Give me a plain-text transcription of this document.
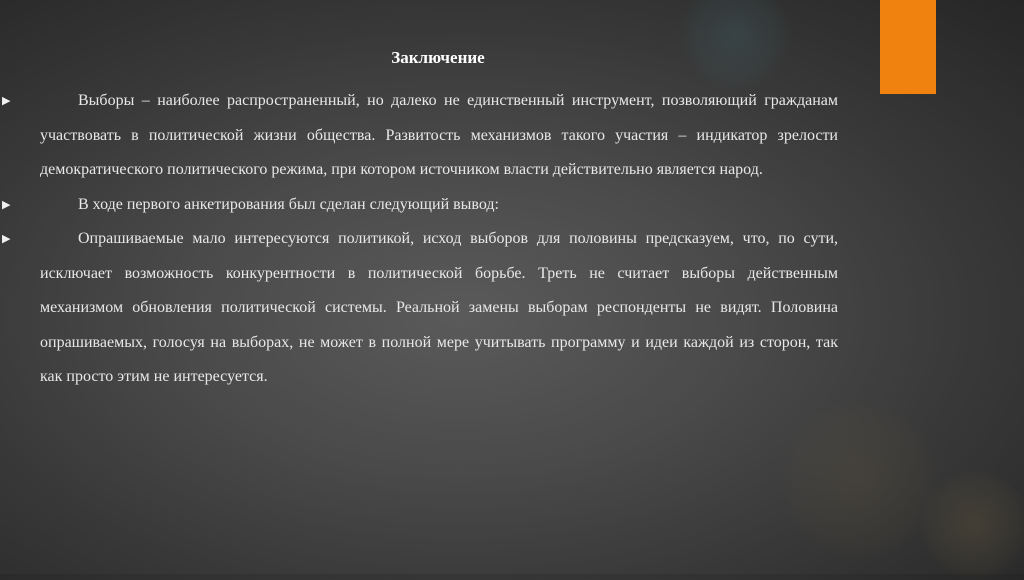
Заключение

▶	Выборы – наиболее распространенный, но далеко не единственный инструмент, позволяющий гражданам участвовать в политической жизни общества. Развитость механизмов такого участия – индикатор зрелости демократического политического режима, при котором источником власти действительно является народ.

▶	В ходе первого анкетирования был сделан следующий вывод:

▶	Опрашиваемые мало интересуются политикой, исход выборов для половины предсказуем, что, по сути, исключает возможность конкурентности в политической борьбе. Треть не считает выборы действенным механизмом обновления политической системы. Реальной замены выборам респонденты не видят. Половина опрашиваемых, голосуя на выборах, не может в полной мере учитывать программу и идеи каждой из сторон, так как просто этим не интересуется.
